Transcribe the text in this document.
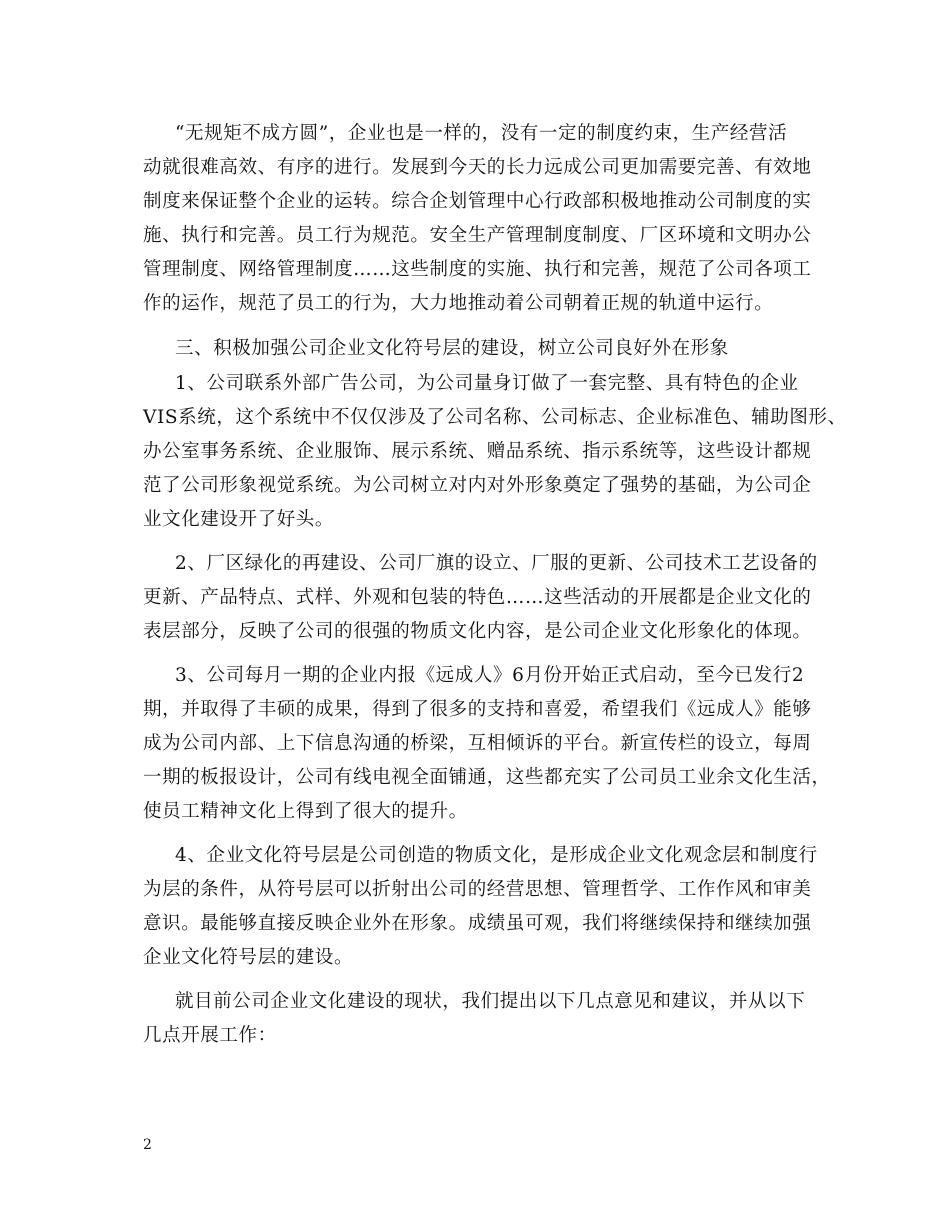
“无规矩不成方圆”，企业也是一样的，没有一定的制度约束，生产经营活
动就很难高效、有序的进行。发展到今天的长力远成公司更加需要完善、有效地
制度来保证整个企业的运转。综合企划管理中心行政部积极地推动公司制度的实
施、执行和完善。员工行为规范。安全生产管理制度制度、厂区环境和文明办公
管理制度、网络管理制度……这些制度的实施、执行和完善，规范了公司各项工
作的运作，规范了员工的行为，大力地推动着公司朝着正规的轨道中运行。
三、积极加强公司企业文化符号层的建设，树立公司良好外在形象
1、公司联系外部广告公司，为公司量身订做了一套完整、具有特色的企业
VIS系统，这个系统中不仅仅涉及了公司名称、公司标志、企业标准色、辅助图形、
办公室事务系统、企业服饰、展示系统、赠品系统、指示系统等，这些设计都规
范了公司形象视觉系统。为公司树立对内对外形象奠定了强势的基础，为公司企
业文化建设开了好头。
2、厂区绿化的再建设、公司厂旗的设立、厂服的更新、公司技术工艺设备的
更新、产品特点、式样、外观和包装的特色……这些活动的开展都是企业文化的
表层部分，反映了公司的很强的物质文化内容，是公司企业文化形象化的体现。
3、公司每月一期的企业内报《远成人》6月份开始正式启动，至今已发行2
期，并取得了丰硕的成果，得到了很多的支持和喜爱，希望我们《远成人》能够
成为公司内部、上下信息沟通的桥梁，互相倾诉的平台。新宣传栏的设立，每周
一期的板报设计，公司有线电视全面铺通，这些都充实了公司员工业余文化生活，
使员工精神文化上得到了很大的提升。
4、企业文化符号层是公司创造的物质文化，是形成企业文化观念层和制度行
为层的条件，从符号层可以折射出公司的经营思想、管理哲学、工作作风和审美
意识。最能够直接反映企业外在形象。成绩虽可观，我们将继续保持和继续加强
企业文化符号层的建设。
就目前公司企业文化建设的现状，我们提出以下几点意见和建议，并从以下
几点开展工作：
2
